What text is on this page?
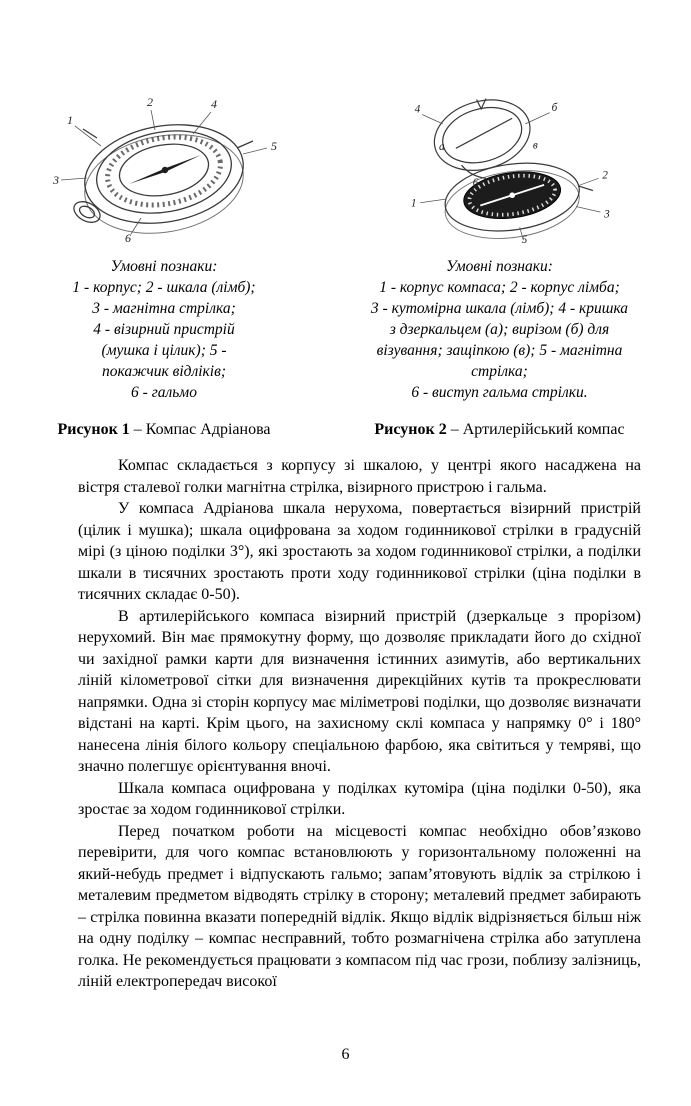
1
2
3
4
5
6
Умовні познаки:
1 - корпус; 2 - шкала (лімб);
3 - магнітна стрілка;
4 - візирний пристрій
(мушка і цілик); 5 -
покажчик відліків;
6 - гальмо

Рисунок 1 – Компас Адріанова

4	б
а	в
1
2
3
5
6
Умовні познаки:
1 - корпус компаса; 2 - корпус лімба;
3 - кутомірна шкала (лімб); 4 - кришка
з дзеркальцем (а); вирізом (б) для
візування; защіпкою (в); 5 - магнітна
стрілка;
6 - виступ гальма стрілки.

Рисунок 2 – Артилерійський компас

Компас складається з корпусу зі шкалою, у центрі якого насаджена на вістря сталевої голки магнітна стрілка, візирного пристрою і гальма.

У компаса Адріанова шкала нерухома, повертається візирний пристрій (цілик і мушка); шкала оцифрована за ходом годинникової стрілки в градусній мірі (з ціною поділки 3°), які зростають за ходом годинникової стрілки, а поділки шкали в тисячних зростають проти ходу годинникової стрілки (ціна поділки в тисячних складає 0-50).

В артилерійського компаса візирний пристрій (дзеркальце з прорізом) нерухомий. Він має прямокутну форму, що дозволяє прикладати його до східної чи західної рамки карти для визначення істинних азимутів, або вертикальних ліній кілометрової сітки для визначення дирекційних кутів та прокреслювати напрямки. Одна зі сторін корпусу має міліметрові поділки, що дозволяє визначати відстані на карті. Крім цього, на захисному склі компаса у напрямку 0° і 180° нанесена лінія білого кольору спеціальною фарбою, яка світиться у темряві, що значно полегшує орієнтування вночі.

Шкала компаса оцифрована у поділках кутоміра (ціна поділки 0-50), яка зростає за ходом годинникової стрілки.

Перед початком роботи на місцевості компас необхідно обов’язково перевірити, для чого компас встановлюють у горизонтальному положенні на який-небудь предмет і відпускають гальмо; запам’ятовують відлік за стрілкою і металевим предметом відводять стрілку в сторону; металевий предмет забирають – стрілка повинна вказати попередній відлік. Якщо відлік відрізняється більш ніж на одну поділку – компас несправний, тобто розмагнічена стрілка або затуплена голка. Не рекомендується працювати з компасом під час грози, поблизу залізниць, ліній електропередач високої

6
